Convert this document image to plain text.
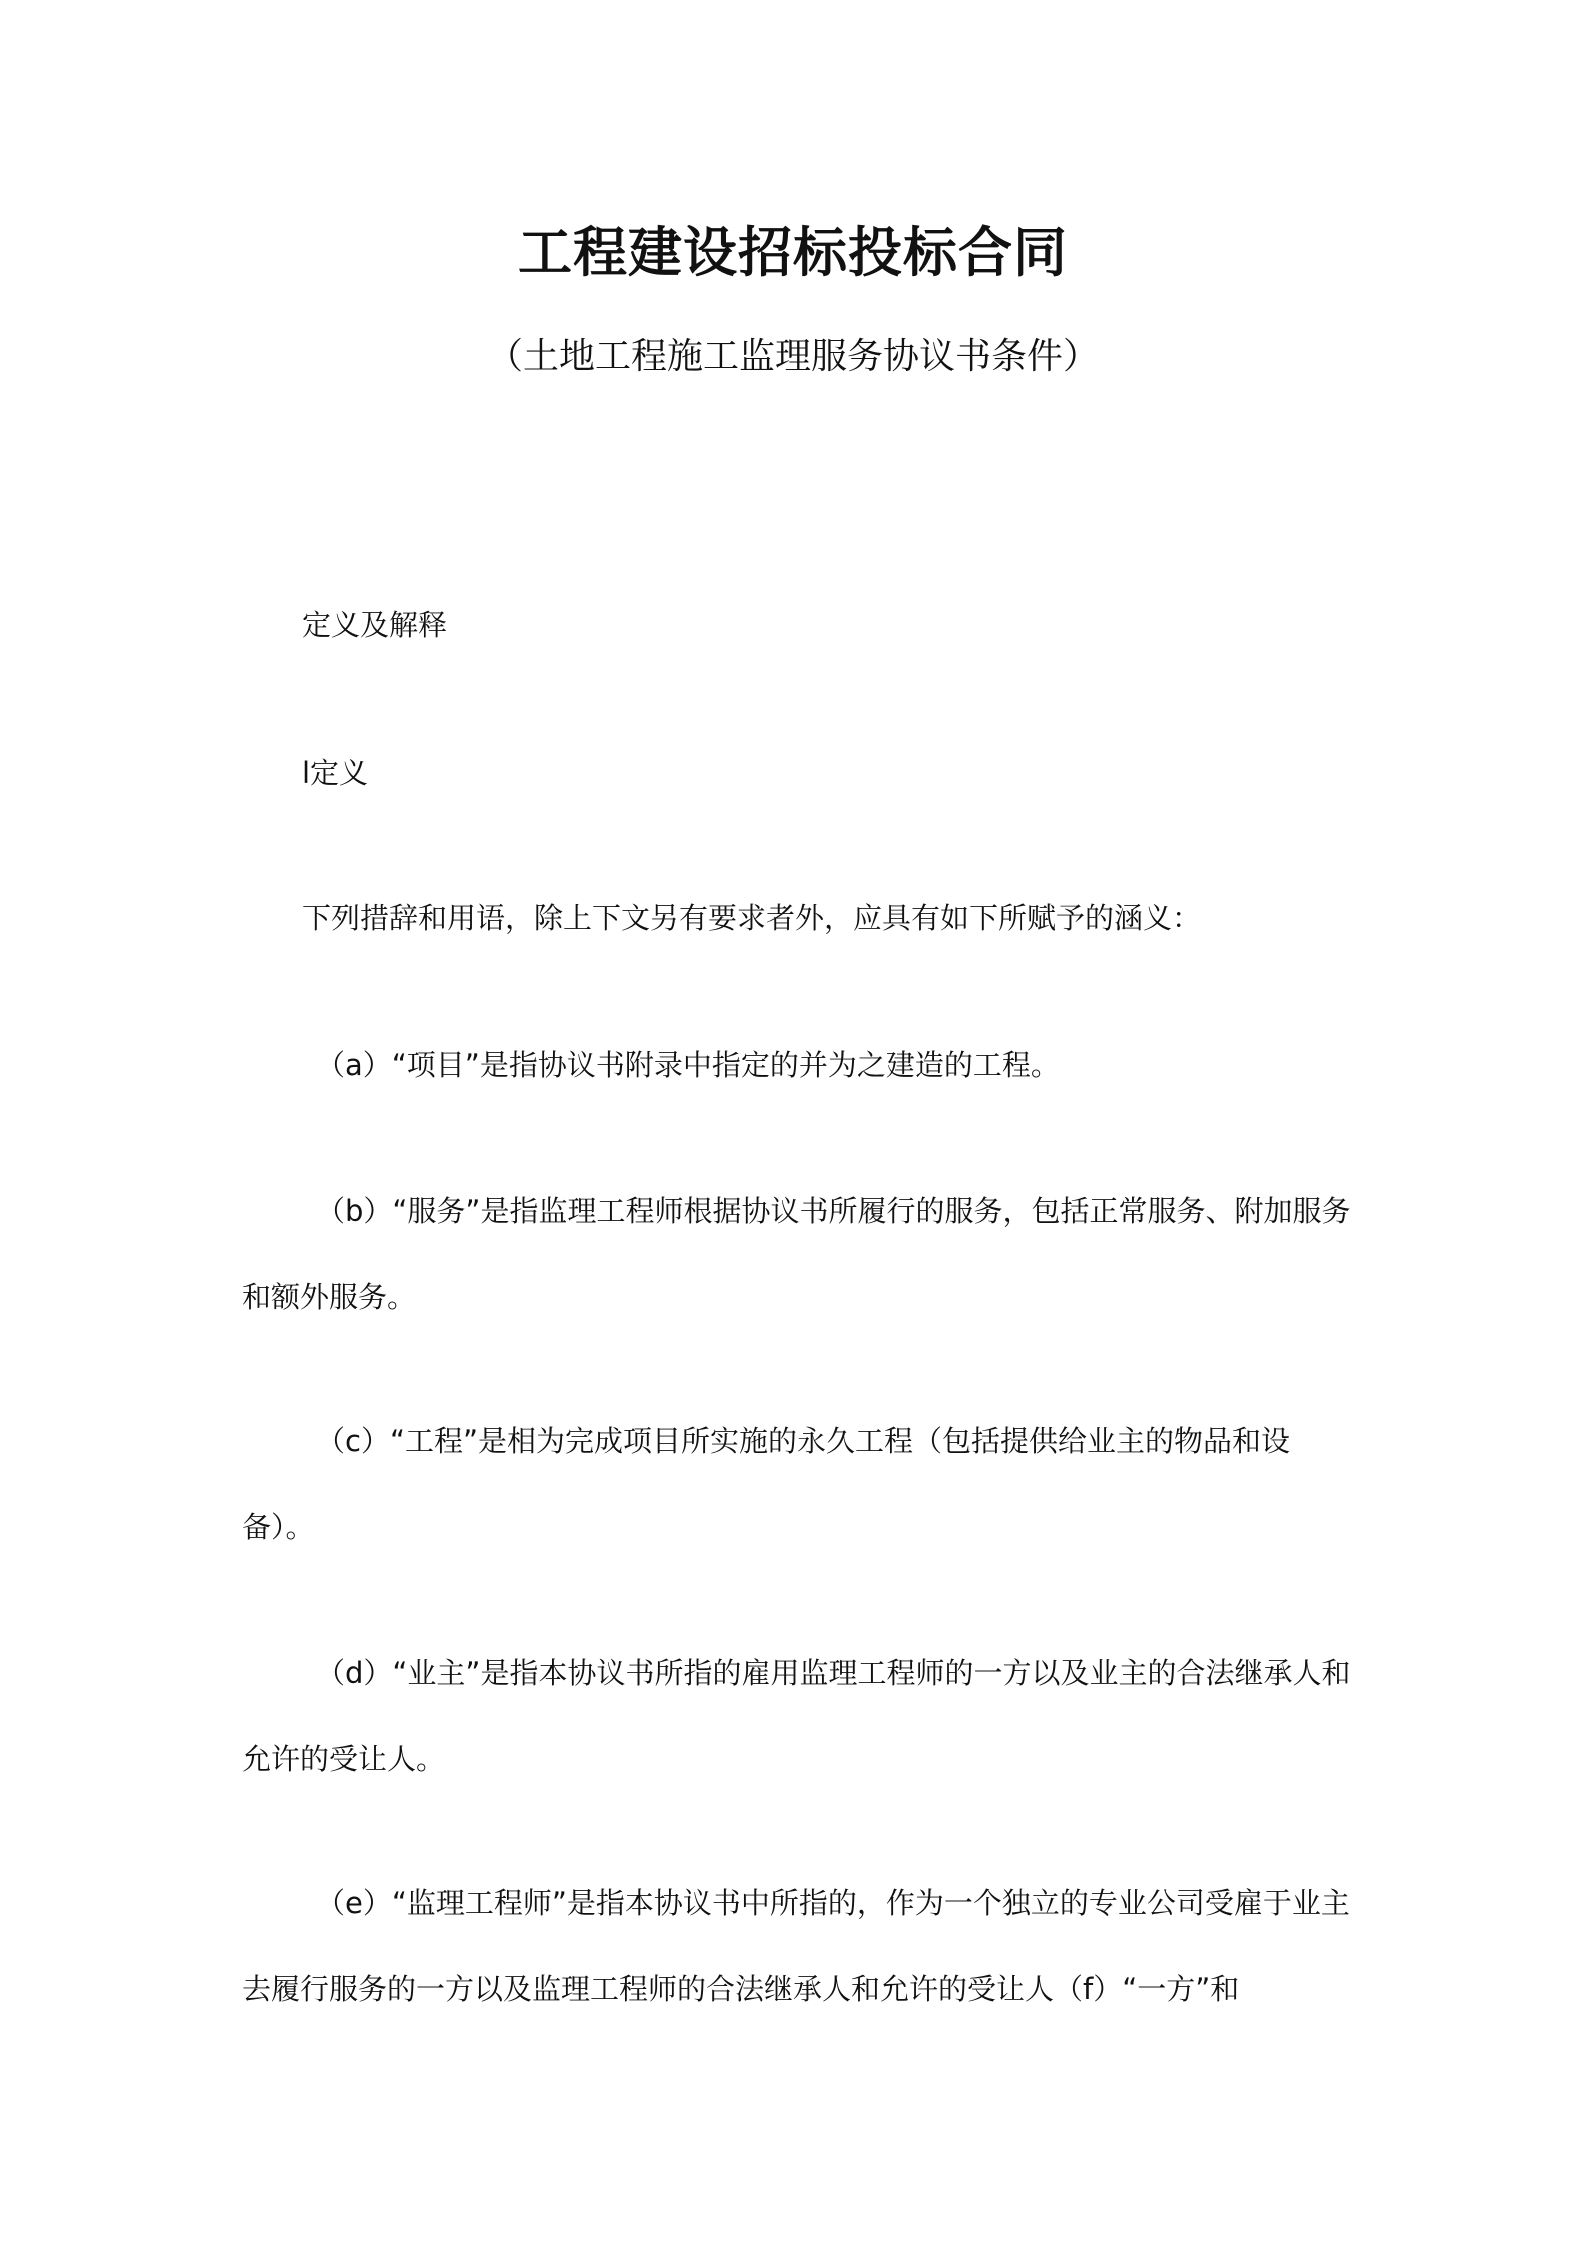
工程建设招标投标合同

（土地工程施工监理服务协议书条件）

定义及解释

l定义

下列措辞和用语，除上下文另有要求者外，应具有如下所赋予的涵义：

（a）“项目”是指协议书附录中指定的并为之建造的工程。

（b）“服务”是指监理工程师根据协议书所履行的服务，包括正常服务、附加服务和额外服务。

（c）“工程”是相为完成项目所实施的永久工程（包括提供给业主的物品和设备）。

（d）“业主”是指本协议书所指的雇用监理工程师的一方以及业主的合法继承人和允许的受让人。

（e）“监理工程师”是指本协议书中所指的，作为一个独立的专业公司受雇于业主去履行服务的一方以及监理工程师的合法继承人和允许的受让人（f）“一方”和
